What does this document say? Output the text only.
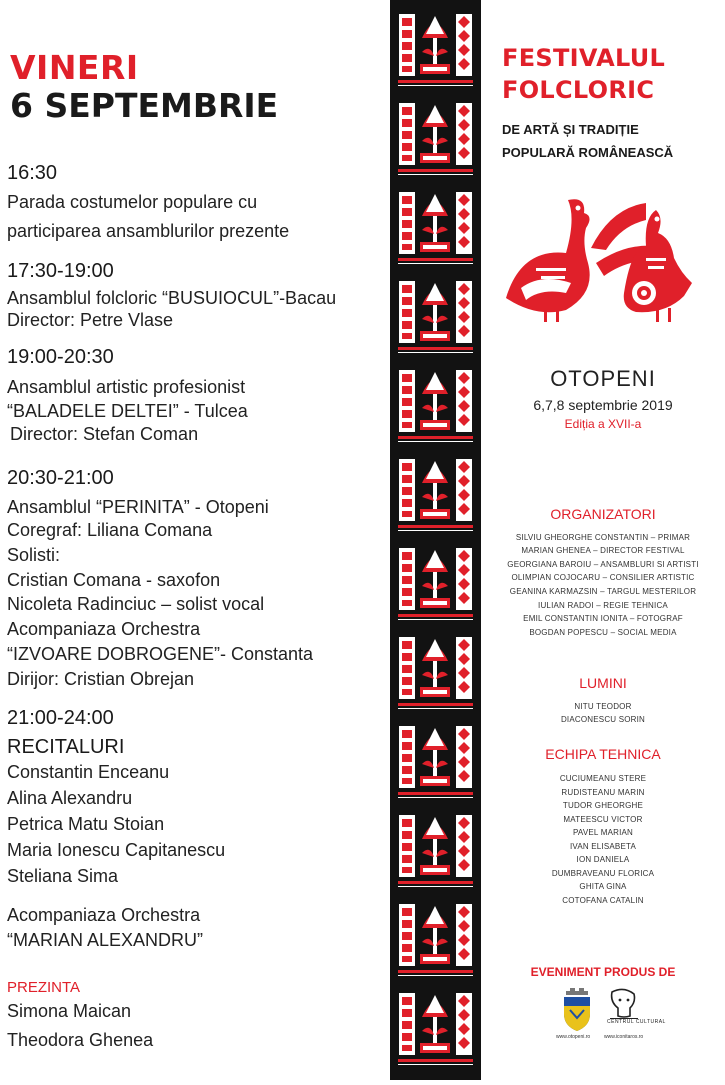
VINERI
6 SEPTEMBRIE
16:30
Parada costumelor populare cu
participarea ansamblurilor prezente
17:30-19:00
Ansamblul folcloric “BUSUIOCUL”-Bacau
Director: Petre Vlase
19:00-20:30
Ansamblul artistic profesionist
“BALADELE DELTEI” - Tulcea
Director: Stefan Coman
20:30-21:00
Ansamblul “PERINITA” - Otopeni
Coregraf: Liliana Comana
Solisti:
Cristian Comana - saxofon
Nicoleta Radinciuc – solist vocal
Acompaniaza Orchestra
“IZVOARE DOBROGENE”- Constanta
Dirijor: Cristian Obrejan
21:00-24:00
RECITALURI
Constantin Enceanu
Alina Alexandru
Petrica Matu Stoian
Maria Ionescu Capitanescu
Steliana Sima
Acompaniaza Orchestra
“MARIAN ALEXANDRU”
PREZINTA
Simona Maican
Theodora Ghenea
FESTIVALUL
FOLCLORIC
DE ARTĂ ȘI TRADIȚIE
POPULARĂ ROMÂNEASCĂ
OTOPENI
6,7,8 septembrie 2019
Ediția a XVII-a
ORGANIZATORI
SILVIU GHEORGHE CONSTANTIN – PRIMAR
MARIAN GHENEA – DIRECTOR FESTIVAL
GEORGIANA BAROIU – ANSAMBLURI SI ARTISTI
OLIMPIAN COJOCARU – CONSILIER ARTISTIC
GEANINA KARMAZSIN – TARGUL MESTERILOR
IULIAN RADOI – REGIE TEHNICA
EMIL CONSTANTIN IONITA – FOTOGRAF
BOGDAN POPESCU – SOCIAL MEDIA
LUMINI
NITU TEODOR
DIACONESCU SORIN
ECHIPA TEHNICA
CUCIUMEANU STERE
RUDISTEANU MARIN
TUDOR GHEORGHE
MATEESCU VICTOR
PAVEL MARIAN
IVAN ELISABETA
ION DANIELA
DUMBRAVEANU FLORICA
GHITA GINA
COTOFANA CATALIN
EVENIMENT PRODUS DE
www.otopeni.ro
CENTRUL CULTURAL
www.iconitaros.ro
